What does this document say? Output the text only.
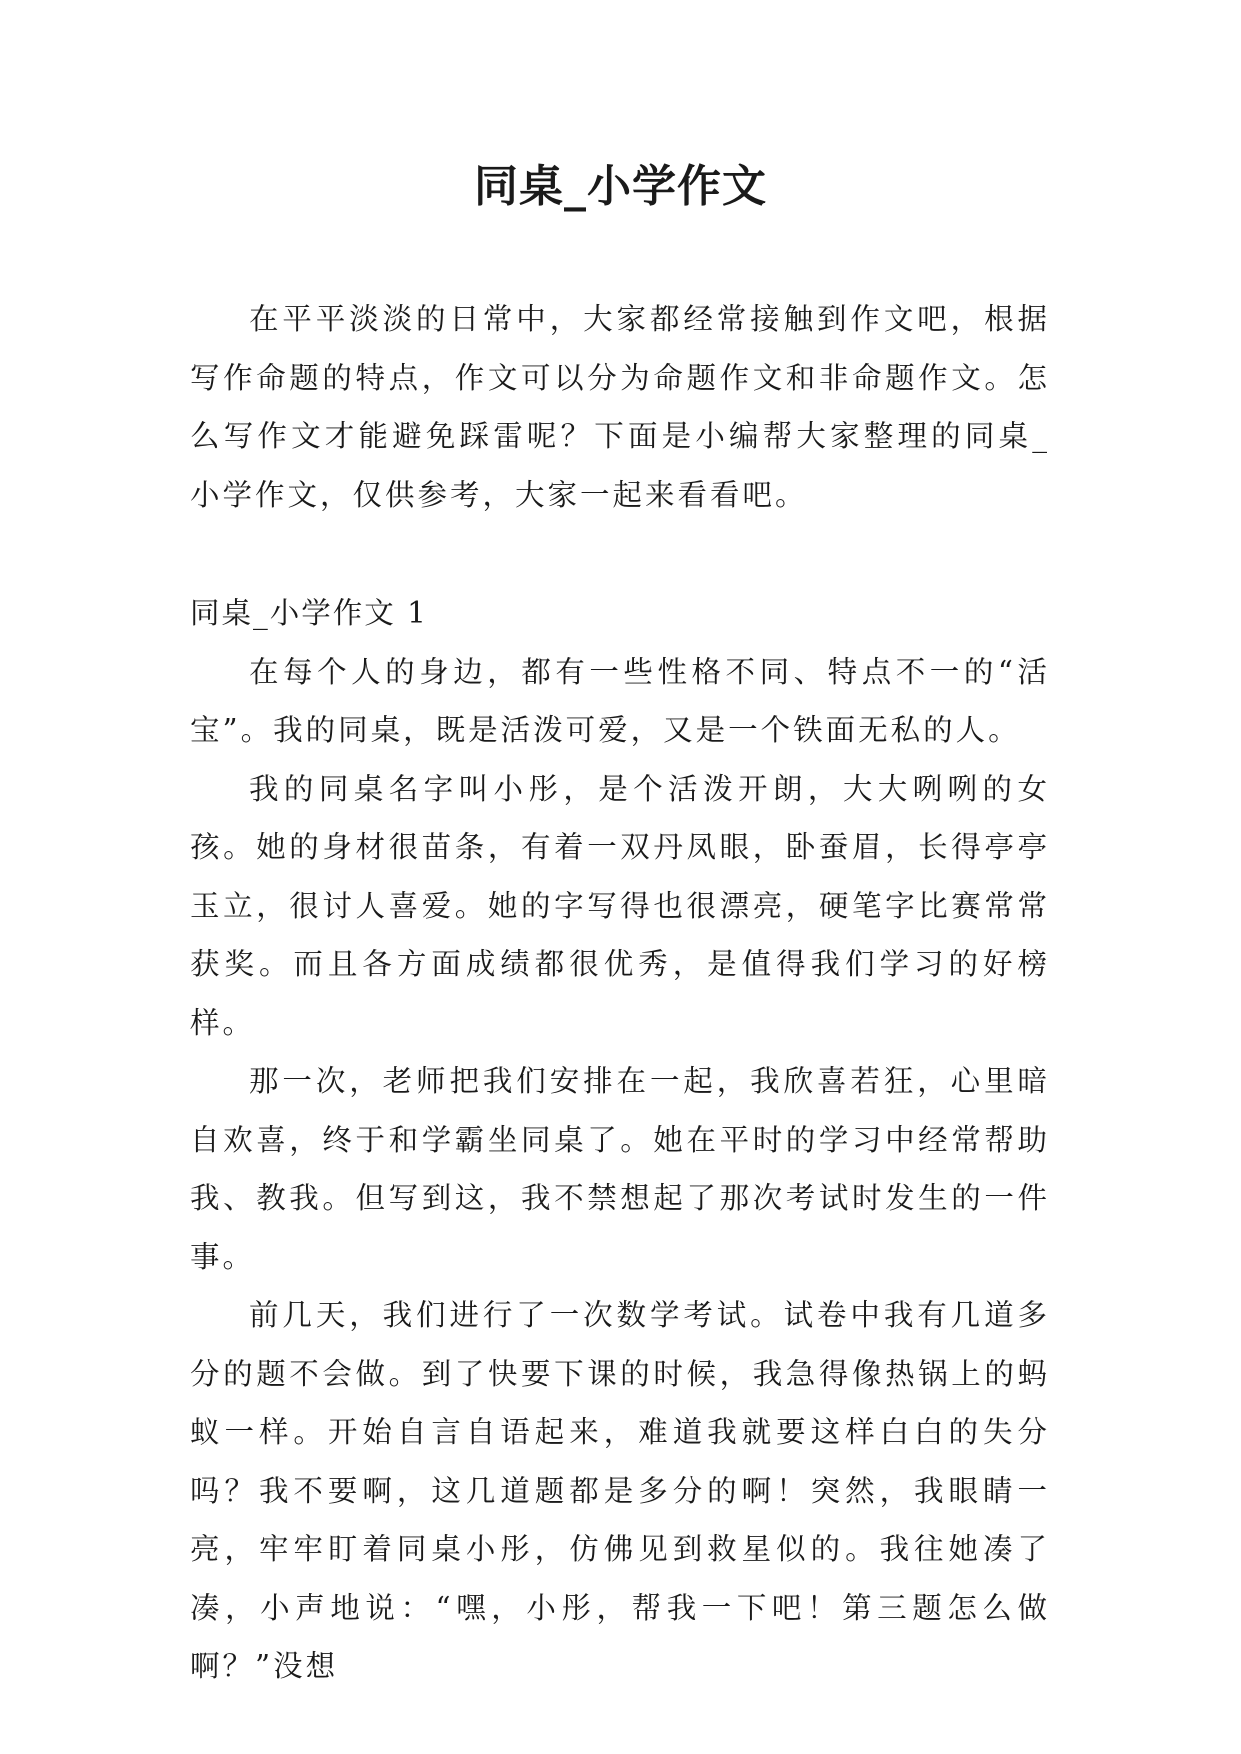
同桌_小学作文

在平平淡淡的日常中，大家都经常接触到作文吧，根据写作命题的特点，作文可以分为命题作文和非命题作文。怎么写作文才能避免踩雷呢？下面是小编帮大家整理的同桌_小学作文，仅供参考，大家一起来看看吧。

同桌_小学作文 1

在每个人的身边，都有一些性格不同、特点不一的“活宝”。我的同桌，既是活泼可爱，又是一个铁面无私的人。

我的同桌名字叫小彤，是个活泼开朗，大大咧咧的女孩。她的身材很苗条，有着一双丹凤眼，卧蚕眉，长得亭亭玉立，很讨人喜爱。她的字写得也很漂亮，硬笔字比赛常常获奖。而且各方面成绩都很优秀，是值得我们学习的好榜样。

那一次，老师把我们安排在一起，我欣喜若狂，心里暗自欢喜，终于和学霸坐同桌了。她在平时的学习中经常帮助我、教我。但写到这，我不禁想起了那次考试时发生的一件事。

前几天，我们进行了一次数学考试。试卷中我有几道多分的题不会做。到了快要下课的时候，我急得像热锅上的蚂蚁一样。开始自言自语起来，难道我就要这样白白的失分吗？我不要啊，这几道题都是多分的啊！突然，我眼睛一亮，牢牢盯着同桌小彤，仿佛见到救星似的。我往她凑了凑，小声地说：“嘿，小彤，帮我一下吧！第三题怎么做啊？”没想
